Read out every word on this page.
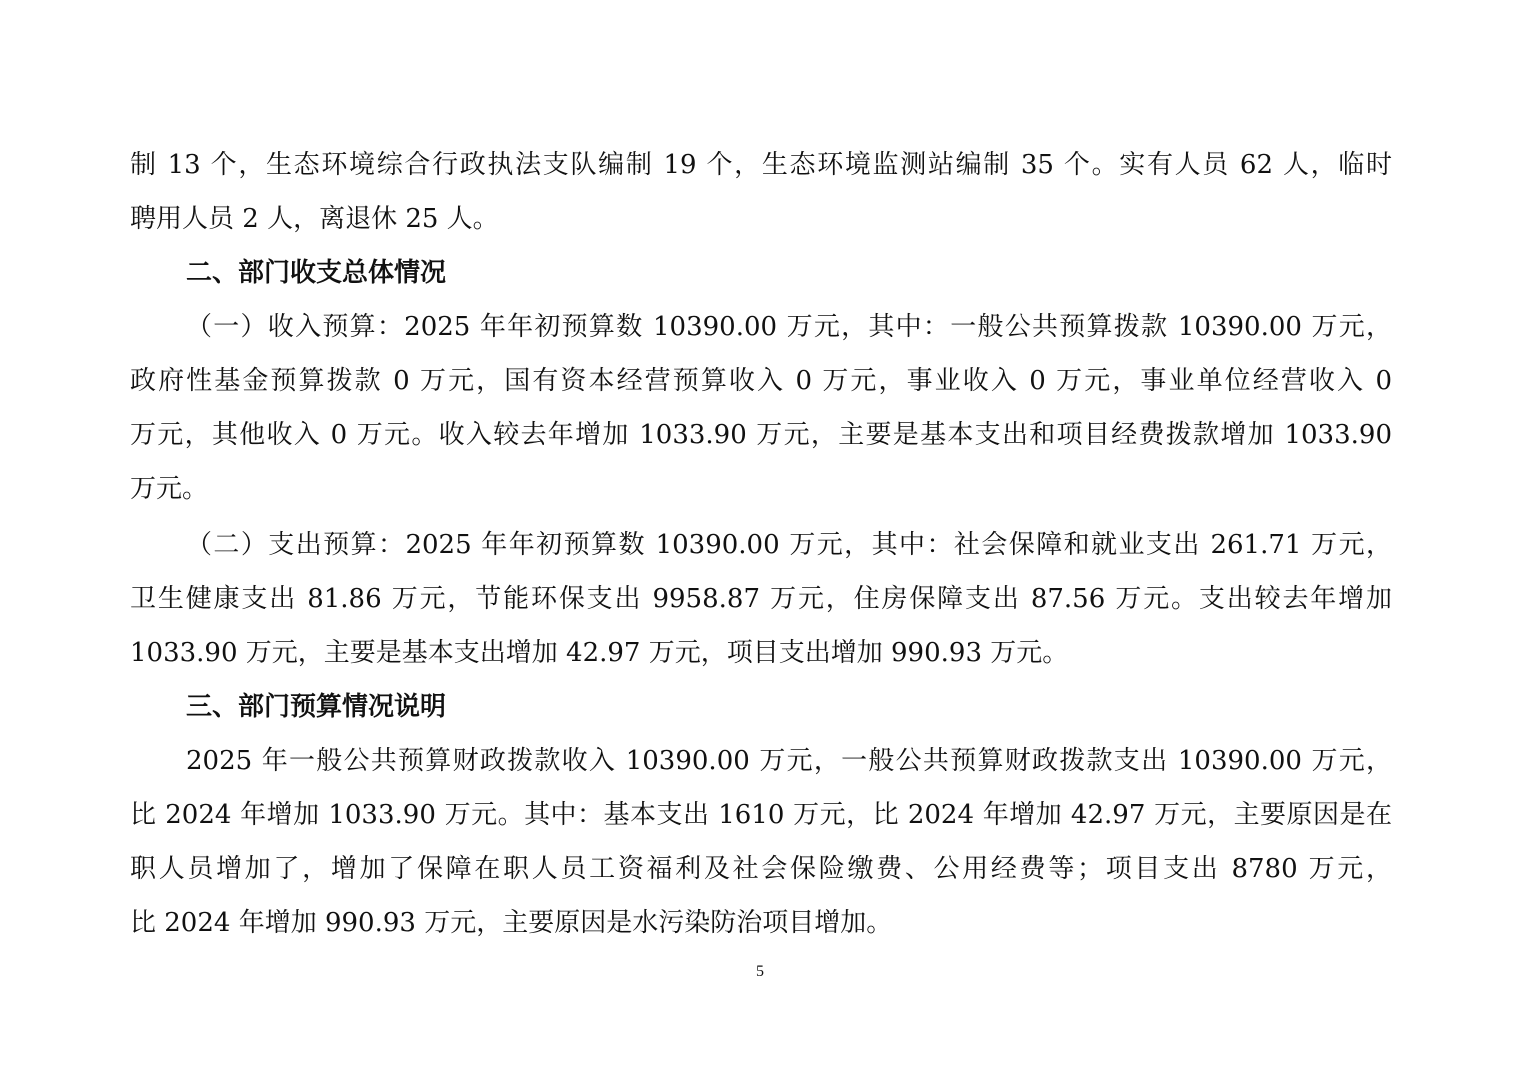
制 13 个，生态环境综合行政执法支队编制 19 个，生态环境监测站编制 35 个。实有人员 62 人，临时
聘用人员 2 人，离退休 25 人。
二、部门收支总体情况
（一）收入预算：2025 年年初预算数 10390.00 万元，其中：一般公共预算拨款 10390.00 万元，
政府性基金预算拨款 0 万元，国有资本经营预算收入 0 万元，事业收入 0 万元，事业单位经营收入 0
万元，其他收入 0 万元。收入较去年增加 1033.90 万元，主要是基本支出和项目经费拨款增加 1033.90
万元。
（二）支出预算：2025 年年初预算数 10390.00 万元，其中：社会保障和就业支出 261.71 万元，
卫生健康支出 81.86 万元，节能环保支出 9958.87 万元，住房保障支出 87.56 万元。支出较去年增加
1033.90 万元，主要是基本支出增加 42.97 万元，项目支出增加 990.93 万元。
三、部门预算情况说明
2025 年一般公共预算财政拨款收入 10390.00 万元，一般公共预算财政拨款支出 10390.00 万元，
比 2024 年增加 1033.90 万元。其中：基本支出 1610 万元，比 2024 年增加 42.97 万元，主要原因是在
职人员增加了，增加了保障在职人员工资福利及社会保险缴费、公用经费等；项目支出 8780 万元，
比 2024 年增加 990.93 万元，主要原因是水污染防治项目增加。
5
